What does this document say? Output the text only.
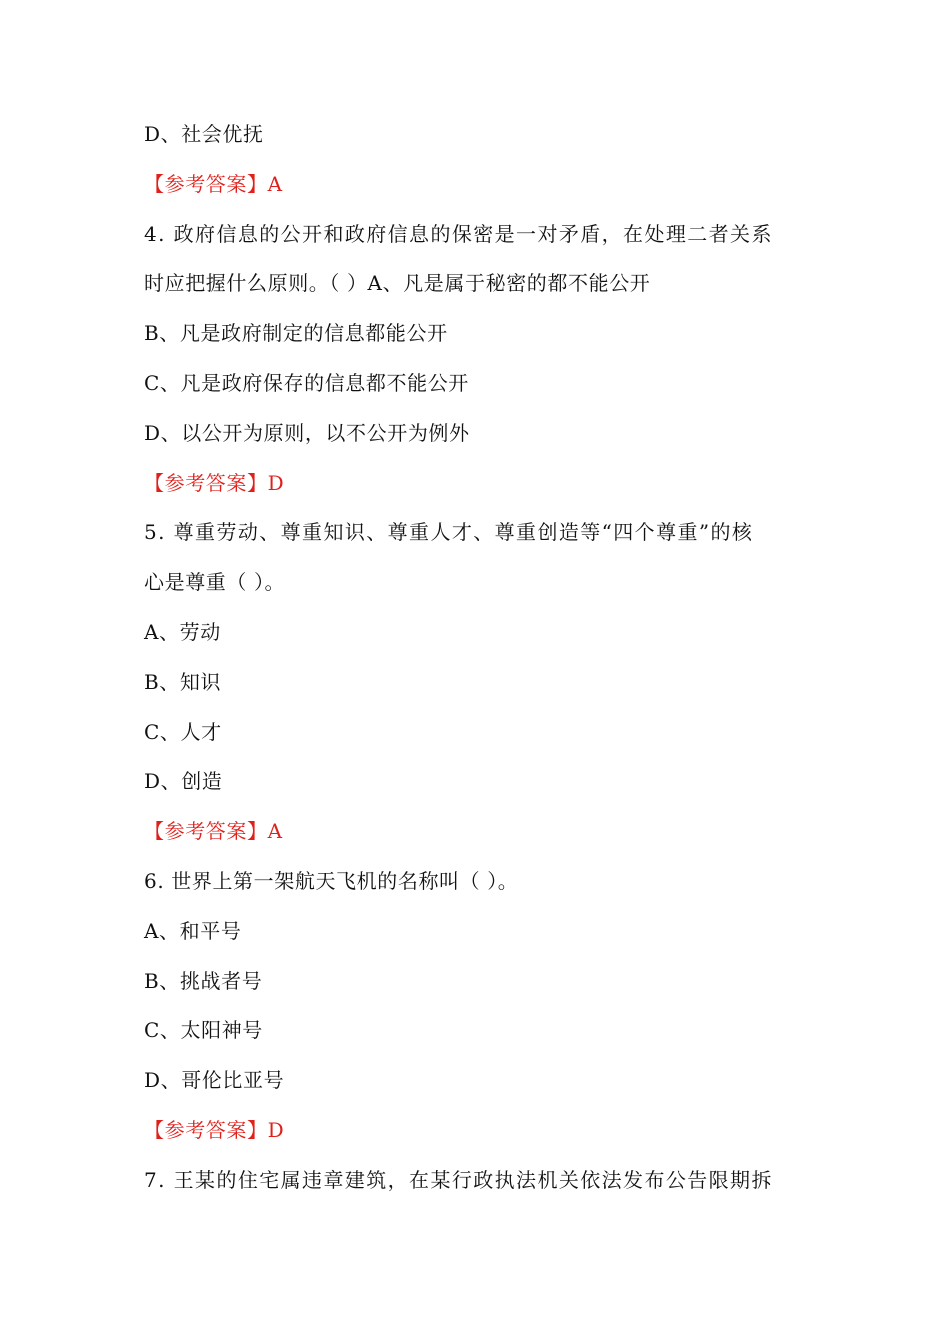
D、社会优抚
【参考答案】A
4. 政府信息的公开和政府信息的保密是一对矛盾，在处理二者关系
时应把握什么原则。（ ）A、凡是属于秘密的都不能公开
B、凡是政府制定的信息都能公开
C、凡是政府保存的信息都不能公开
D、以公开为原则，以不公开为例外
【参考答案】D
5. 尊重劳动、尊重知识、尊重人才、尊重创造等“四个尊重”的核
心是尊重（ ）。
A、劳动
B、知识
C、人才
D、创造
【参考答案】A
6. 世界上第一架航天飞机的名称叫（ ）。
A、和平号
B、挑战者号
C、太阳神号
D、哥伦比亚号
【参考答案】D
7. 王某的住宅属违章建筑，在某行政执法机关依法发布公告限期拆
